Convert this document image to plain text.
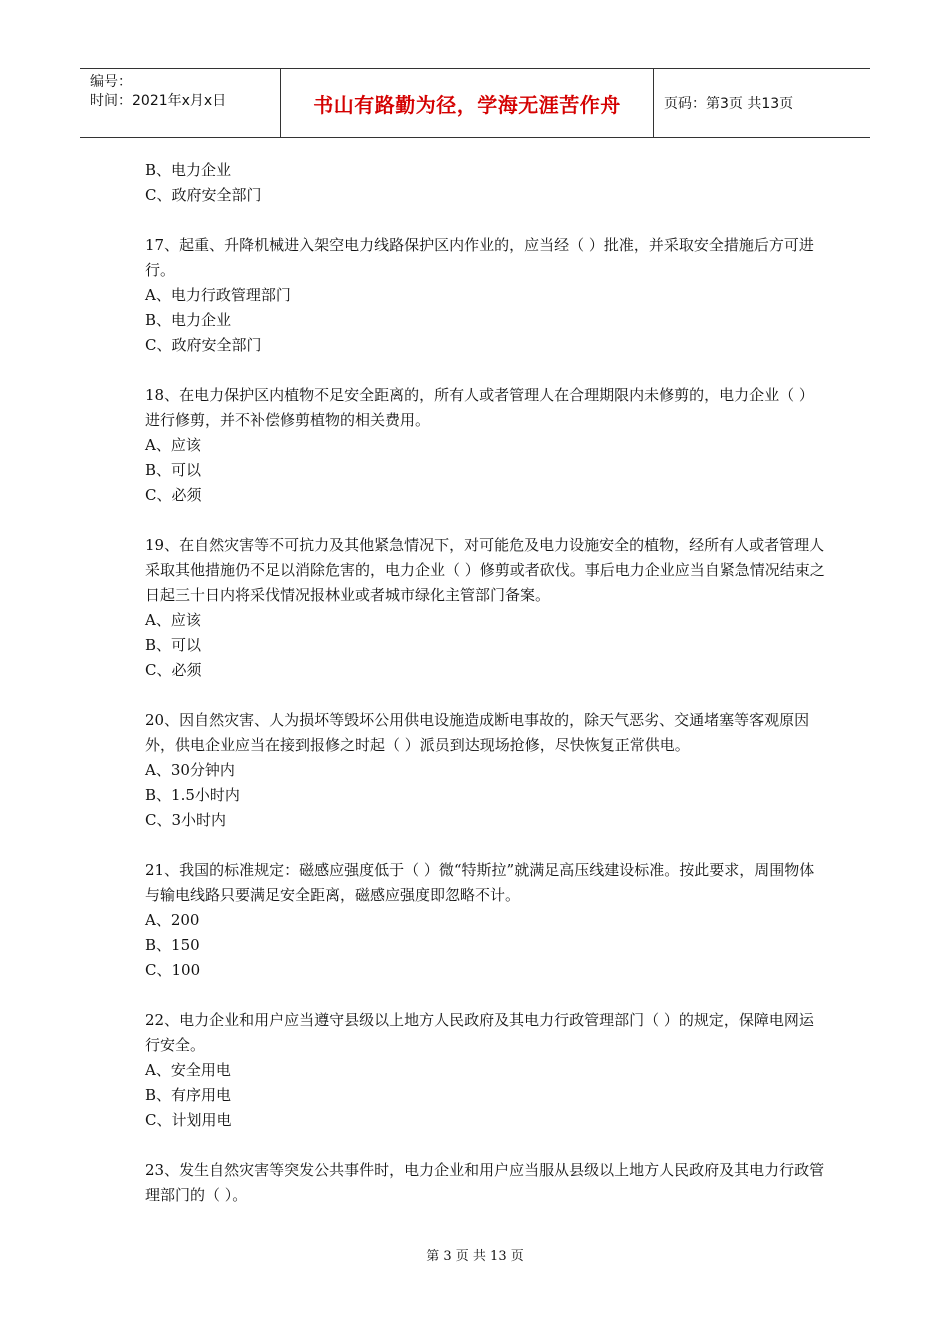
编号：
时间：2021年x月x日	书山有路勤为径，学海无涯苦作舟	页码：第3页 共13页

B、电力企业

C、政府安全部门

17、起重、升降机械进入架空电力线路保护区内作业的，应当经（ ）批准，并采取安全措施后方可进行。

A、电力行政管理部门

B、电力企业

C、政府安全部门

18、在电力保护区内植物不足安全距离的，所有人或者管理人在合理期限内未修剪的，电力企业（ ）进行修剪，并不补偿修剪植物的相关费用。

A、应该

B、可以

C、必须

19、在自然灾害等不可抗力及其他紧急情况下，对可能危及电力设施安全的植物，经所有人或者管理人采取其他措施仍不足以消除危害的，电力企业（ ）修剪或者砍伐。事后电力企业应当自紧急情况结束之日起三十日内将采伐情况报林业或者城市绿化主管部门备案。

A、应该

B、可以

C、必须

20、因自然灾害、人为损坏等毁坏公用供电设施造成断电事故的，除天气恶劣、交通堵塞等客观原因外，供电企业应当在接到报修之时起（ ）派员到达现场抢修，尽快恢复正常供电。

A、30分钟内

B、1.5小时内

C、3小时内

21、我国的标准规定：磁感应强度低于（ ）微“特斯拉”就满足高压线建设标准。按此要求，周围物体与输电线路只要满足安全距离，磁感应强度即忽略不计。

A、200

B、150

C、100

22、电力企业和用户应当遵守县级以上地方人民政府及其电力行政管理部门（ ）的规定，保障电网运行安全。

A、安全用电

B、有序用电

C、计划用电

23、发生自然灾害等突发公共事件时，电力企业和用户应当服从县级以上地方人民政府及其电力行政管理部门的（ ）。

第 3 页 共 13 页
